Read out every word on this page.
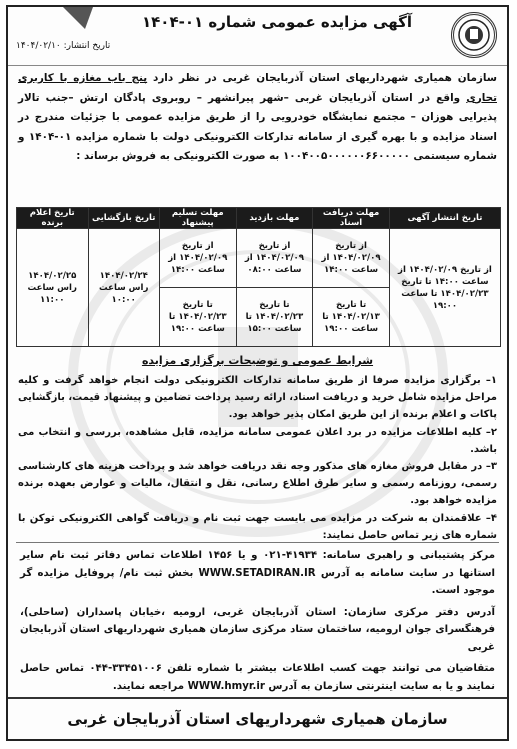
آگهی مزایده عمومی شماره ۰۱-۱۴۰۴
تاریخ انتشار: ۱۴۰۴/۰۲/۱۰
سازمان همیاری شهرداریهای استان آذربایجان غربی در نظر دارد پنج باب مغازه با کاربری تجاری واقع در استان آذربایجان غربی –شهر پیرانشهر – روبروی پادگان ارتش –جنب تالار پذیرایی هوزان – مجتمع نمایشگاه خودرویی را از طریق مزایده عمومی با جزئیات مندرج در اسناد مزایده و با بهره گیری از سامانه تدارکات الکترونیکی دولت با شماره مزایده ۰۱-۱۴۰۴ و شماره سیستمی ۱۰۰۴۰۰۵۰۰۰۰۰۰۶۶۰۰۰۰۰ به صورت الکترونیکی به فروش برساند :
تاریخ انتشار آگهی	مهلت دریافت اسناد	مهلت بازدید	مهلت تسلیم پیشنهاد	تاریخ بازگشایی	تاریخ اعلام برنده
از تاریخ ۱۴۰۴/۰۲/۰۹ از ساعت ۱۴:۰۰ تا تاریخ ۱۴۰۴/۰۲/۲۳ تا ساعت ۱۹:۰۰	از تاریخ ۱۴۰۴/۰۲/۰۹ از ساعت ۱۴:۰۰	از تاریخ ۱۴۰۴/۰۲/۰۹ از ساعت ۰۸:۰۰	از تاریخ ۱۴۰۴/۰۲/۰۹ از ساعت ۱۴:۰۰	۱۴۰۴/۰۲/۲۴ راس ساعت ۱۰:۰۰	۱۴۰۴/۰۲/۲۵ راس ساعت ۱۱:۰۰
	تا تاریخ ۱۴۰۴/۰۲/۱۳ تا ساعت ۱۹:۰۰	تا تاریخ ۱۴۰۴/۰۲/۲۳ تا ساعت ۱۵:۰۰	تا تاریخ ۱۴۰۴/۰۲/۲۳ تا ساعت ۱۹:۰۰		
شرایط عمومی و توضیحات برگزاری مزایده

۱– برگزاری مزایده صرفا از طریق سامانه تدارکات الکترونیکی دولت انجام خواهد گرفت و کلیه مراحل مزایده شامل خرید و دریافت اسناد، ارائه رسید پرداخت تضامین و پیشنهاد قیمت، بازگشایی پاکات و اعلام برنده از این طریق امکان پذیر خواهد بود.

۲– کلیه اطلاعات مزایده در برد اعلان عمومی سامانه مزایده، قابل مشاهده، بررسی و انتخاب می باشد.

۳– در مقابل فروش مغازه های مذکور وجه نقد دریافت خواهد شد و پرداخت هزینه های کارشناسی رسمی، روزنامه رسمی و سایر طرق اطلاع رسانی، نقل و انتقال، مالیات و عوارض بعهده برنده مزایده خواهد بود.

۴– علاقمندان به شرکت در مزایده می بایست جهت ثبت نام و دریافت گواهی الکترونیکی توکن با شماره های زیر تماس حاصل نمایند:

مرکز پشتیبانی و راهبری سامانه: ۴۱۹۳۴-۰۲۱ و یا ۱۴۵۶ اطلاعات تماس دفاتر ثبت نام سایر استانها در سایت سامانه به آدرس WWW.SETADIRAN.IR بخش ثبت نام/ پروفایل مزایده گر موجود است.

آدرس دفتر مرکزی سازمان: استان آذربایجان غربی، ارومیه ،خیابان پاسداران (ساحلی)، فرهنگسرای جوان ارومیه، ساختمان ستاد مرکزی سازمان همیاری شهرداریهای استان آذربایجان غربی

متقاضیان می توانند جهت کسب اطلاعات بیشتر با شماره تلفن ۳۳۴۵۱۰۰۶-۰۴۴ تماس حاصل نمایند و یا به سایت اینترنتی سازمان به آدرس WWW.hmyr.ir مراجعه نمایند.

سازمان همیاری شهرداریهای استان آذربایجان غربی
